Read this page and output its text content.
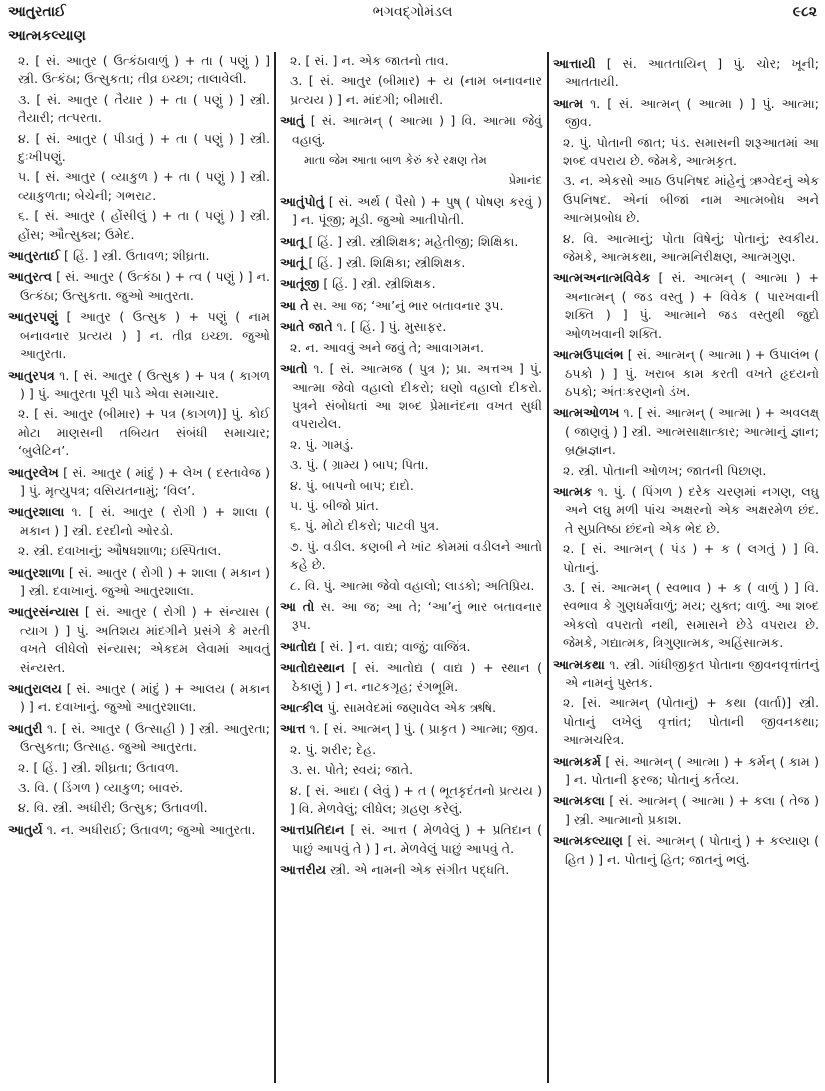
આતુરતાઈ	ભગવદ્ગોમંડલ	૯૮૨
આત્મકલ્યાણ

૨. [ સં. આતુર ( ઉત્કંઠાવાળું ) + તા ( પણું ) ] સ્ત્રી. ઉત્કંઠા; ઉત્સુકતા; તીવ્ર ઇચ્છા; તાલાવેલી.

૩. [ સં. આતુર ( તૈયાર ) + તા ( પણું ) ] સ્ત્રી. તૈયારી; તત્પરતા.

૪. [ સં. આતુર ( પીડાતું ) + તા ( પણું ) ] સ્ત્રી. દુઃખીપણું.

૫. [ સં. આતુર ( વ્યાકુળ ) + તા ( પણું ) ] સ્ત્રી. વ્યાકુળતા; બેચેની; ગભરાટ.

૬. [ સં. આતુર ( હોંસીલું ) + તા ( પણું ) ] સ્ત્રી. હોંસ; ઔત્સુક્ય; ઉમેદ.

આતુરતાઈ [ હિં. ] સ્ત્રી. ઉતાવળ; શીઘ્રતા.

આતુરત્વ [ સં. આતુર ( ઉત્કંઠા ) + ત્વ ( પણું ) ] ન. ઉત્કંઠા; ઉત્સુકતા. જુઓ આતુરતા.

આતુરપણું [ આતુર ( ઉત્સુક ) + પણું ( નામ બનાવનાર પ્રત્યય ) ] ન. તીવ્ર ઇચ્છા. જુઓ આતુરતા.

આતુરપત્ર ૧. [ સં. આતુર ( ઉત્સુક ) + પત્ર ( કાગળ ) ] પું. આતુરતા પૂરી પાડે એવા સમાચાર.

૨. [ સં. આતુર (બીમાર) + પત્ર (કાગળ)] પું. કોઈ મોટા માણસની તબિયત સંબંધી સમાચાર; ‘બુલેટિન’.

આતુરલેખ [ સં. આતુર ( માંદું ) + લેખ ( દસ્તાવેજ ) ] પું. મૃત્યુપત્ર; વસિયતનામું; ‘વિલ’.

આતુરશાલા ૧. [ સં. આતુર ( રોગી ) + શાલા ( મકાન ) ] સ્ત્રી. દરદીનો ઓરડો.

૨. સ્ત્રી. દવાખાનું; ઔષધશાળા; ઇસ્પિતાલ.

આતુરશાળા [ સં. આતુર ( રોગી ) + શાલા ( મકાન ) ] સ્ત્રી. દવાખાનું. જુઓ આતુરશાલા.

આતુરસંન્યાસ [ સં. આતુર ( રોગી ) + સંન્યાસ ( ત્યાગ ) ] પું. અતિશય માંદગીને પ્રસંગે કે મરતી વખતે લીધેલો સંન્યાસ; એકદમ લેવામાં આવતું સંન્યસ્ત.

આતુરાલય [ સં. આતુર ( માંદું ) + આલય ( મકાન ) ] ન. દવાખાનું. જુઓ આતુરશાલા.

આતુરી ૧. [ સં. આતુર ( ઉત્સાહી ) ] સ્ત્રી. આતુરતા; ઉત્સુકતા; ઉત્સાહ. જુઓ આતુરતા.

૨. [ હિં. ] સ્ત્રી. શીઘ્રતા; ઉતાવળ.

૩. વિ. ( ડિંગળ ) વ્યાકુળ; બાવરું.

૪. વિ. સ્ત્રી. અધીરી; ઉત્સુક; ઉતાવળી.

આતુર્ય ૧. ન. અધીરાઈ; ઉતાવળ; જુઓ આતુરતા.

૨. [ સં. ] ન. એક જાતનો તાવ.

૩. [ સં. આતુર (બીમાર) + ય (નામ બનાવનાર પ્રત્યય ) ] ન. માંદગી; બીમારી.

આતું [ સં. આત્મન્ ( આત્મા ) ] વિ. આત્મા જેવું વહાલું.

માતા જેમ આતા બાળ કેરું કરે રક્ષણ તેમ

પ્રેમાનંદ

આતુંપોતું [ સં. અર્થ ( પૈસો ) + પુષ્ ( પોષણ કરવું ) ] ન. પૂંજી; મૂડી. જુઓ આતીપોતી.

આતૂ [ હિં. ] સ્ત્રી. સ્ત્રીશિક્ષક; મહેતીજી; શિક્ષિકા.

આતૂં [ હિં. ] સ્ત્રી. શિક્ષિકા; સ્ત્રીશિક્ષક.

આતૂંજી [ હિં. ] સ્ત્રી. સ્ત્રીશિક્ષક.

આ તે સ. આ જ; ‘આ’નું ભાર બતાવનાર રૂપ.

આતે જાતે ૧. [ હિં. ] પું. મુસાફર.

૨. ન. આવવું અને જવું તે; આવાગમન.

આતો ૧. [ સં. આત્મજ ( પુત્ર ); પ્રા. અત્તઅ ] પું. આત્મા જેવો વહાલો દીકરો; ઘણો વહાલો દીકરો. પુત્રને સંબોધતાં આ શબ્દ પ્રેમાનંદના વખત સુધી વપરાયેલ.

૨. પું. ગામડું.

૩. પું. ( ગ્રામ્ય ) બાપ; પિતા.

૪. પું. બાપનો બાપ; દાદો.

૫. પું. બીજો પ્રાંત.

૬. પું. મોટો દીકરો; પાટવી પુત્ર.

૭. પું. વડીલ. કણબી ને ખાંટ કોમમાં વડીલને આતો કહે છે.

૮. વિ. પું. આત્મા જેવો વહાલો; લાડકો; અતિપ્રિય.

આ તો સ. આ જ; આ તે; ‘આ’નું ભાર બતાવનાર રૂપ.

આતોદ્ય [ સં. ] ન. વાદ્ય; વાજું; વાજિંત્ર.

આતોદ્યસ્થાન [ સં. આતોદ્ય ( વાદ્ય ) + સ્થાન ( ઠેકાણું ) ] ન. નાટકગૃહ; રંગભૂમિ.

આત્કીલ પું. સામવેદમાં જણાવેલ એક ઋષિ.

આત્ત ૧. [ સં. આત્મન્ ] પું. ( પ્રાકૃત ) આત્મા; જીવ.

૨. પું. શરીર; દેહ.

૩. સ. પોતે; સ્વયં; જાતે.

૪. [ સં. આદા ( લેવું ) + ત ( ભૂતકૃદંતનો પ્રત્યય ) ] વિ. મેળવેલું; લીધેલ; ગ્રહણ કરેલું.

આત્તપ્રતિદાન [ સં. આત્ત ( મેળવેલું ) + પ્રતિદાન ( પાછું આપવું તે ) ] ન. મેળવેલું પાછું આપવું તે.

આત્તરીય સ્ત્રી. એ નામની એક સંગીત પદ્ધતિ.

આત્તાયી [ સં. આતતાયિન્ ] પું. ચોર; ખૂની; આતતાયી.

આત્મ ૧. [ સં. આત્મન્ ( આત્મા ) ] પું. આત્મા; જીવ.

૨. પું. પોતાની જાત; પંડ. સમાસની શરૂઆતમાં આ શબ્દ વપરાય છે. જેમકે, આત્મકૃત.

૩. ન. એકસો આઠ ઉપનિષદ માંહેનું ઋગ્વેદનું એક ઉપનિષદ. એનાં બીજાં નામ આત્મબોધ અને આત્મપ્રબોધ છે.

૪. વિ. આત્માનું; પોતા વિષેનું; પોતાનું; સ્વકીય. જેમકે, આત્મકથા, આત્મનિરીક્ષણ, આત્મગુણ.

આત્મઅનાત્મવિવેક [ સં. આત્મન્ ( આત્મા ) + અનાત્મન્ ( જડ વસ્તુ ) + વિવેક ( પારખવાની શક્તિ ) ] પું. આત્માને જડ વસ્તુથી જુદો ઓળખવાની શક્તિ.

આત્મઉપાલંભ [ સં. આત્મન્ ( આત્મા ) + ઉપાલંભ ( ઠપકો ) ] પું. ખરાબ કામ કરતી વખતે હૃદયનો ઠપકો; અંતઃકરણનો ડંખ.

આત્મઓળખ ૧. [ સં. આત્મન્ ( આત્મા ) + અવલક્ષ્ ( જાણવું ) ] સ્ત્રી. આત્મસાક્ષાત્કાર; આત્માનું જ્ઞાન; બ્રહ્મજ્ઞાન.

૨. સ્ત્રી. પોતાની ઓળખ; જાતની પિછાણ.

આત્મક ૧. પું. ( પિંગળ ) દરેક ચરણમાં નગણ, લઘુ અને લઘુ મળી પાંચ અક્ષરનો એક અક્ષરમેળ છંદ. તે સુપ્રતિષ્ઠા છંદનો એક ભેદ છે.

૨. [ સં. આત્મન્ ( પંડ ) + ક ( લગતું ) ] વિ. પોતાનું.

૩. [ સં. આત્મન્ ( સ્વભાવ ) + ક ( વાળું ) ] વિ. સ્વભાવ કે ગુણધર્મવાળું; મય; યુક્ત; વાળું. આ શબ્દ એકલો વપરાતો નથી, સમાસને છેડે વપરાય છે. જેમકે, ગદ્યાત્મક, ત્રિગુણાત્મક, અહિંસાત્મક.

આત્મકથા ૧. સ્ત્રી. ગાંધીજીકૃત પોતાના જીવનવૃત્તાંતનું એ નામનું પુસ્તક.

૨. [સં. આત્મન્ (પોતાનું) + કથા (વાર્તા)] સ્ત્રી. પોતાનું લખેલું વૃત્તાંત; પોતાની જીવનકથા; આત્મચરિત્ર.

આત્મકર્મ [ સં. આત્મન્ ( આત્મા ) + કર્મન્ ( કામ ) ] ન. પોતાની ફરજ; પોતાનું કર્તવ્ય.

આત્મકલા [ સં. આત્મન્ ( આત્મા ) + કલા ( તેજ ) ] સ્ત્રી. આત્માનો પ્રકાશ.

આત્મકલ્યાણ [ સં. આત્મન્ ( પોતાનું ) + કલ્યાણ ( હિત ) ] ન. પોતાનું હિત; જાતનું ભલું.
